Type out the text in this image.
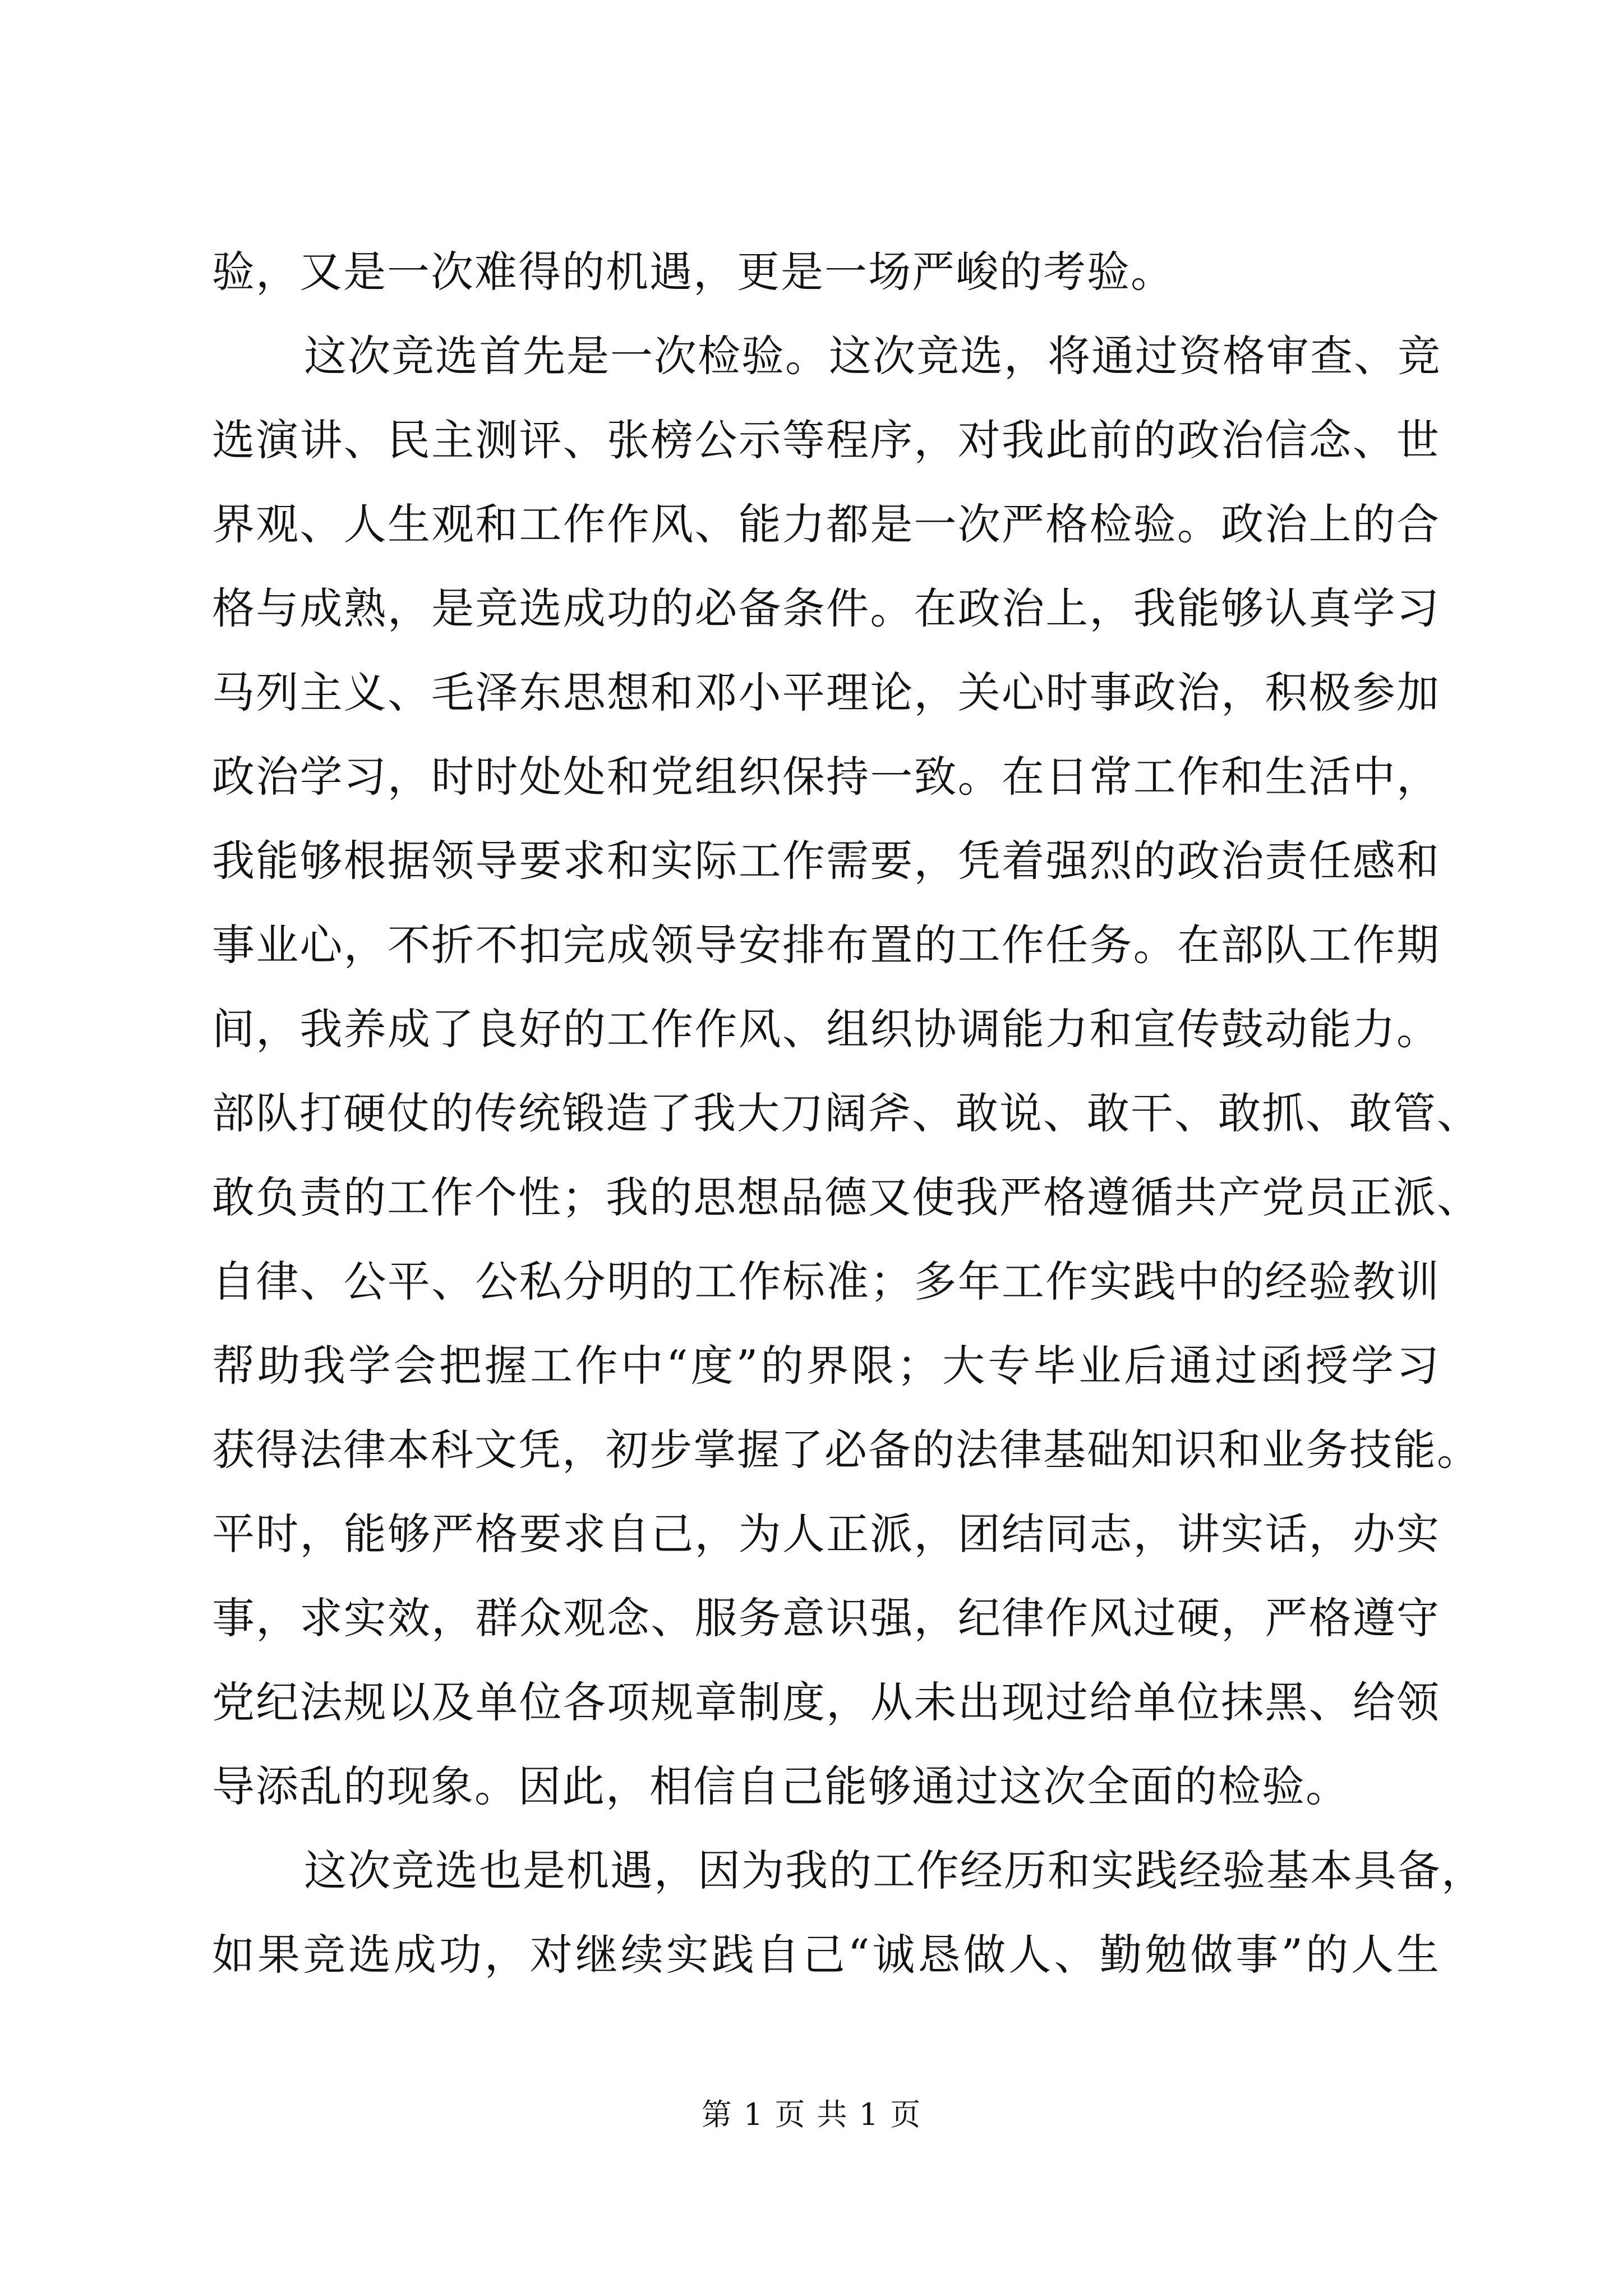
验，又是一次难得的机遇，更是一场严峻的考验。
这次竞选首先是一次检验。这次竞选，将通过资格审查、竞
选演讲、民主测评、张榜公示等程序，对我此前的政治信念、世
界观、人生观和工作作风、能力都是一次严格检验。政治上的合
格与成熟，是竞选成功的必备条件。在政治上，我能够认真学习
马列主义、毛泽东思想和邓小平理论，关心时事政治，积极参加
政治学习，时时处处和党组织保持一致。在日常工作和生活中，
我能够根据领导要求和实际工作需要，凭着强烈的政治责任感和
事业心，不折不扣完成领导安排布置的工作任务。在部队工作期
间，我养成了良好的工作作风、组织协调能力和宣传鼓动能力。
部队打硬仗的传统锻造了我大刀阔斧、敢说、敢干、敢抓、敢管、
敢负责的工作个性；我的思想品德又使我严格遵循共产党员正派、
自律、公平、公私分明的工作标准；多年工作实践中的经验教训
帮助我学会把握工作中“度”的界限；大专毕业后通过函授学习
获得法律本科文凭，初步掌握了必备的法律基础知识和业务技能。
平时，能够严格要求自己，为人正派，团结同志，讲实话，办实
事，求实效，群众观念、服务意识强，纪律作风过硬，严格遵守
党纪法规以及单位各项规章制度，从未出现过给单位抹黑、给领
导添乱的现象。因此，相信自己能够通过这次全面的检验。
这次竞选也是机遇，因为我的工作经历和实践经验基本具备，
如果竞选成功，对继续实践自己“诚恳做人、勤勉做事”的人生
第 1 页 共 1 页
